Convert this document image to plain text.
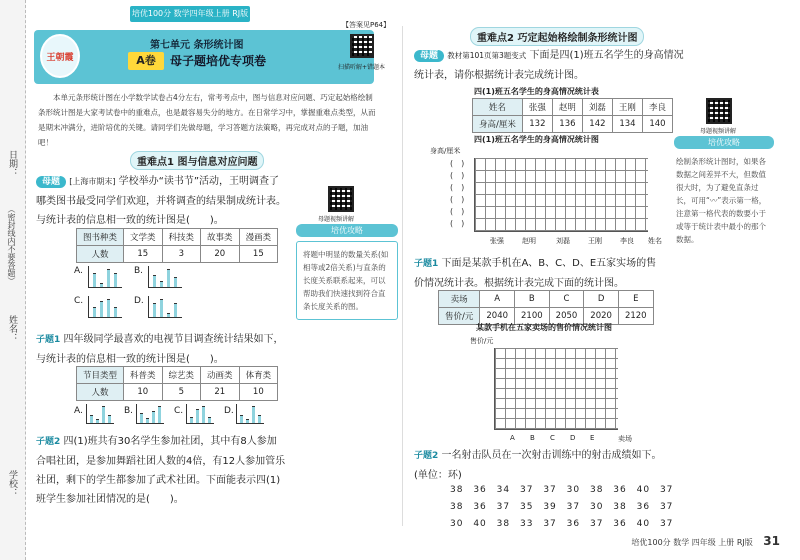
日期：
（密封线内不要答题）
姓名：
学校：
培优100分 数学四年级上册 RJ版
【答案见P64】
王朝霞
第七单元 条形统计图
A卷	母子题培优专项卷	扫描听解+错题本
本单元条形统计图在小学数学试卷占4分左右，常考考点中，图与信息对应问题、巧定起始格绘制条形统计图是大家考试卷中的重难点，也是最容易失分的地方。在日常学习中，掌握重难点类型，从而是期末冲满分，进阶培优的关键。请同学们先做母题，学习答题方法策略，再完成对点的子题，加油吧！
重难点1 图与信息对应问题
母题 [上海市期末] 学校举办“读书节”活动，王明调查了哪类图书最受同学们欢迎，并将调查的结果制成统计表。与统计表的信息相一致的统计图是(　　)。
图书种类	文学类	科技类	故事类	漫画类
人数	15	3	20	15
A.	B.
C.	D.
子题1 四年级同学最喜欢的电视节目调查统计结果如下，与统计表的信息相一致的统计图是(　　)。
节目类型	科普类	综艺类	动画类	体育类
人数	10	5	21	10
A.	B.	C.	D.
子题2 四(1)班共有30名学生参加社团，其中有8人参加合唱社团，是参加舞蹈社团人数的4倍，有12人参加管乐社团，剩下的学生都参加了武术社团。下面能表示四(1)班学生参加社团情况的是(　　)。
母题视频讲解
培优攻略
将题中明显的数量关系(如相等或2倍关系)与直条的长度关系联系起来，可以帮助我们快速找到符合直条长度关系的图。
重难点2 巧定起始格绘制条形统计图
母题 教材第101页第3题变式 下面是四(1)班五名学生的身高情况统计表，请你根据统计表完成统计图。
四(1)班五名学生的身高情况统计表
姓名	张强	赵明	刘磊	王刚	李良
身高/厘米	132	136	142	134	140
四(1)班五名学生的身高情况统计图
身高/厘米
(　)
(　)
(　)
(　)
(　)
(　)
张强	赵明	刘磊	王刚	李良 姓名
母题视频讲解
培优攻略
绘制条形统计图时，如果各数据之间差异不大，但数值很大时，为了避免直条过长，可用“〰”表示第一格，注意第一格代表的数要小于或等于统计表中最小的那个数据。
子题1 下面是某款手机在A、B、C、D、E五家实场的售价情况统计表。根据统计表完成下面的统计图。
卖场	A	B	C	D	E
售价/元	2040	2100	2050	2020	2120
某款手机在五家卖场的售价情况统计图
售价/元
A B C D E	卖场
子题2 一名射击队员在一次射击训练中的射击成绩如下。(单位：环)
38 36 34 37 37 30 38 36 40 37
38 36 37 35 39 37 30 38 36 37
30 40 38 33 37 36 37 36 40 37
培优100分 数学 四年级 上册 RJ版 31
